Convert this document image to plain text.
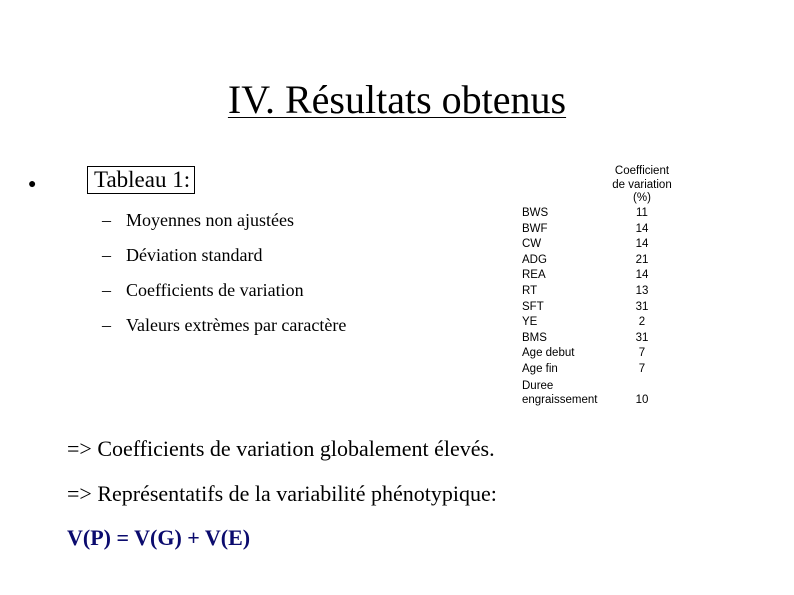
IV. Résultats obtenus
●	Tableau 1:
– Moyennes non ajustées
– Déviation standard
– Coefficients de variation
– Valeurs extrèmes par caractère
Coefficient
de variation
(%)
BWS	11
BWF	14
CW	14
ADG	21
REA	14
RT	13
SFT	31
YE	2
BMS	31
Age debut	7
Age fin	7
Duree
engraissement	10
=> Coefficients de variation globalement élevés.
=> Représentatifs de la variabilité phénotypique:
V(P) = V(G) + V(E)
